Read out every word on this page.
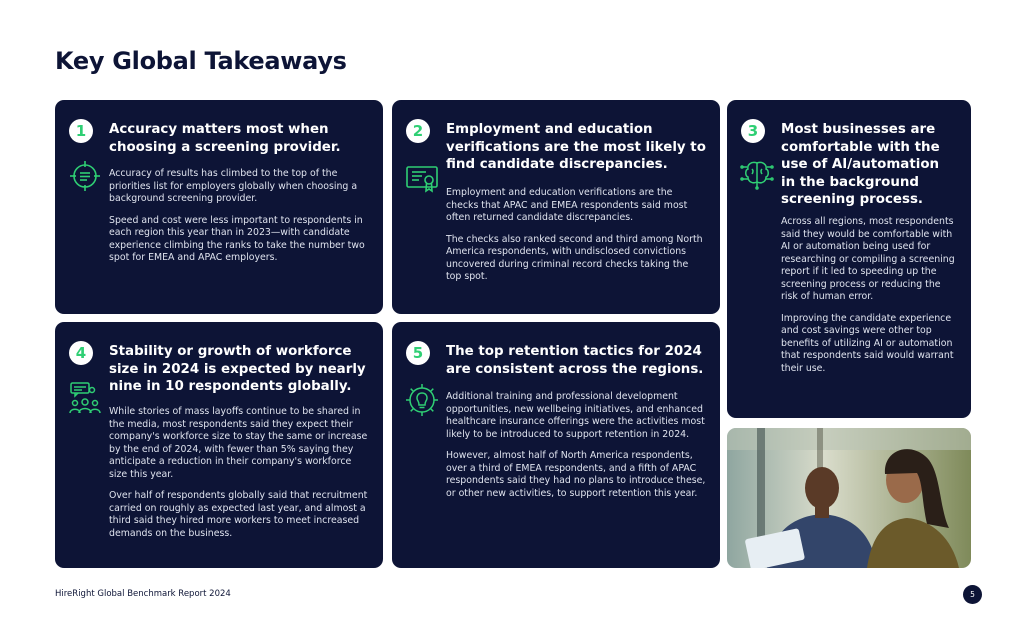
Key Global Takeaways
1	Accuracy matters most when choosing a screening provider.

Accuracy of results has climbed to the top of the priorities list for employers globally when choosing a background screening provider.

Speed and cost were less important to respondents in each region this year than in 2023—with candidate experience climbing the ranks to take the number two spot for EMEA and APAC employers.

2	Employment and education verifications are the most likely to find candidate discrepancies.

Employment and education verifications are the checks that APAC and EMEA respondents said most often returned candidate discrepancies.

The checks also ranked second and third among North America respondents, with undisclosed convictions uncovered during criminal record checks taking the top spot.

3	Most businesses are comfortable with the use of AI/automation in the background screening process.

Across all regions, most respondents said they would be comfortable with AI or automation being used for researching or compiling a screening report if it led to speeding up the screening process or reducing the risk of human error.

Improving the candidate experience and cost savings were other top benefits of utilizing AI or automation that respondents said would warrant their use.

4	Stability or growth of workforce size in 2024 is expected by nearly nine in 10 respondents globally.

While stories of mass layoffs continue to be shared in the media, most respondents said they expect their company's workforce size to stay the same or increase by the end of 2024, with fewer than 5% saying they anticipate a reduction in their company's workforce size this year.

Over half of respondents globally said that recruitment carried on roughly as expected last year, and almost a third said they hired more workers to meet increased demands on the business.

5	The top retention tactics for 2024 are consistent across the regions.

Additional training and professional development opportunities, new wellbeing initiatives, and enhanced healthcare insurance offerings were the activities most likely to be introduced to support retention in 2024.

However, almost half of North America respondents, over a third of EMEA respondents, and a fifth of APAC respondents said they had no plans to introduce these, or other new activities, to support retention this year.

HireRight Global Benchmark Report 2024	5
